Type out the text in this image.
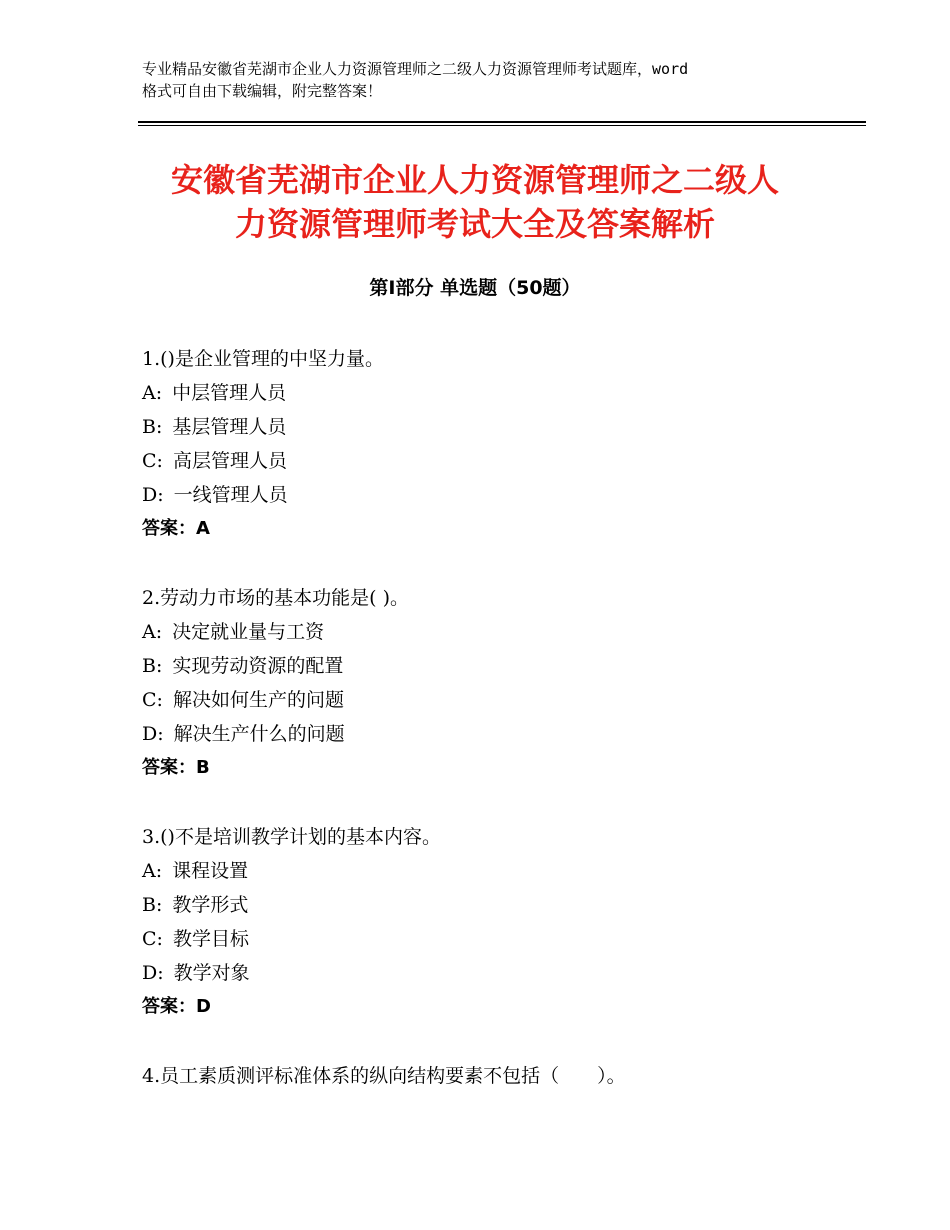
专业精品安徽省芜湖市企业人力资源管理师之二级人力资源管理师考试题库，word
格式可自由下载编辑，附完整答案！
安徽省芜湖市企业人力资源管理师之二级人
力资源管理师考试大全及答案解析
第Ⅰ部分 单选题（50题）
1.()是企业管理的中坚力量。
A: 中层管理人员
B: 基层管理人员
C: 高层管理人员
D: 一线管理人员
答案：A
2.劳动力市场的基本功能是( )。
A: 决定就业量与工资
B: 实现劳动资源的配置
C: 解决如何生产的问题
D: 解决生产什么的问题
答案：B
3.()不是培训教学计划的基本内容。
A: 课程设置
B: 教学形式
C: 教学目标
D: 教学对象
答案：D
4.员工素质测评标准体系的纵向结构要素不包括（　　）。
